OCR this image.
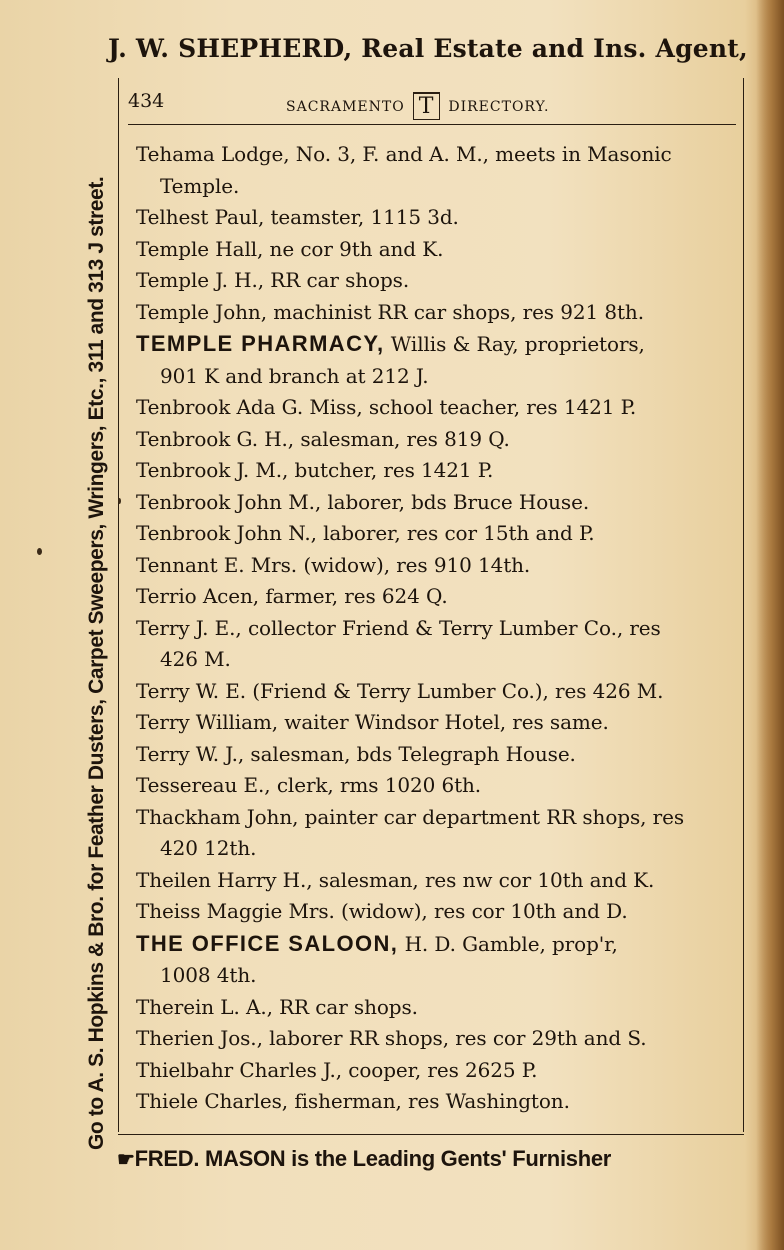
J. W. SHEPHERD, Real Estate and Ins. Agent,
Go to A. S. Hopkins & Bro. for Feather Dusters, Carpet Sweepers, Wringers, Etc., 311 and 313 J street.
434	SACRAMENTO T DIRECTORY.
Tehama Lodge, No. 3, F. and A. M., meets in Masonic
Temple.
Telhest Paul, teamster, 1115 3d.
Temple Hall, ne cor 9th and K.
Temple J. H., RR car shops.
Temple John, machinist RR car shops, res 921 8th.
TEMPLE PHARMACY, Willis & Ray, proprietors,
901 K and branch at 212 J.
Tenbrook Ada G. Miss, school teacher, res 1421 P.
Tenbrook G. H., salesman, res 819 Q.
Tenbrook J. M., butcher, res 1421 P.
Tenbrook John M., laborer, bds Bruce House.
Tenbrook John N., laborer, res cor 15th and P.
Tennant E. Mrs. (widow), res 910 14th.
Terrio Acen, farmer, res 624 Q.
Terry J. E., collector Friend & Terry Lumber Co., res
426 M.
Terry W. E. (Friend & Terry Lumber Co.), res 426 M.
Terry William, waiter Windsor Hotel, res same.
Terry W. J., salesman, bds Telegraph House.
Tessereau E., clerk, rms 1020 6th.
Thackham John, painter car department RR shops, res
420 12th.
Theilen Harry H., salesman, res nw cor 10th and K.
Theiss Maggie Mrs. (widow), res cor 10th and D.
THE OFFICE SALOON, H. D. Gamble, prop'r,
1008 4th.
Therein L. A., RR car shops.
Therien Jos., laborer RR shops, res cor 29th and S.
Thielbahr Charles J., cooper, res 2625 P.
Thiele Charles, fisherman, res Washington.
☛FRED. MASON is the Leading Gents' Furnisher
